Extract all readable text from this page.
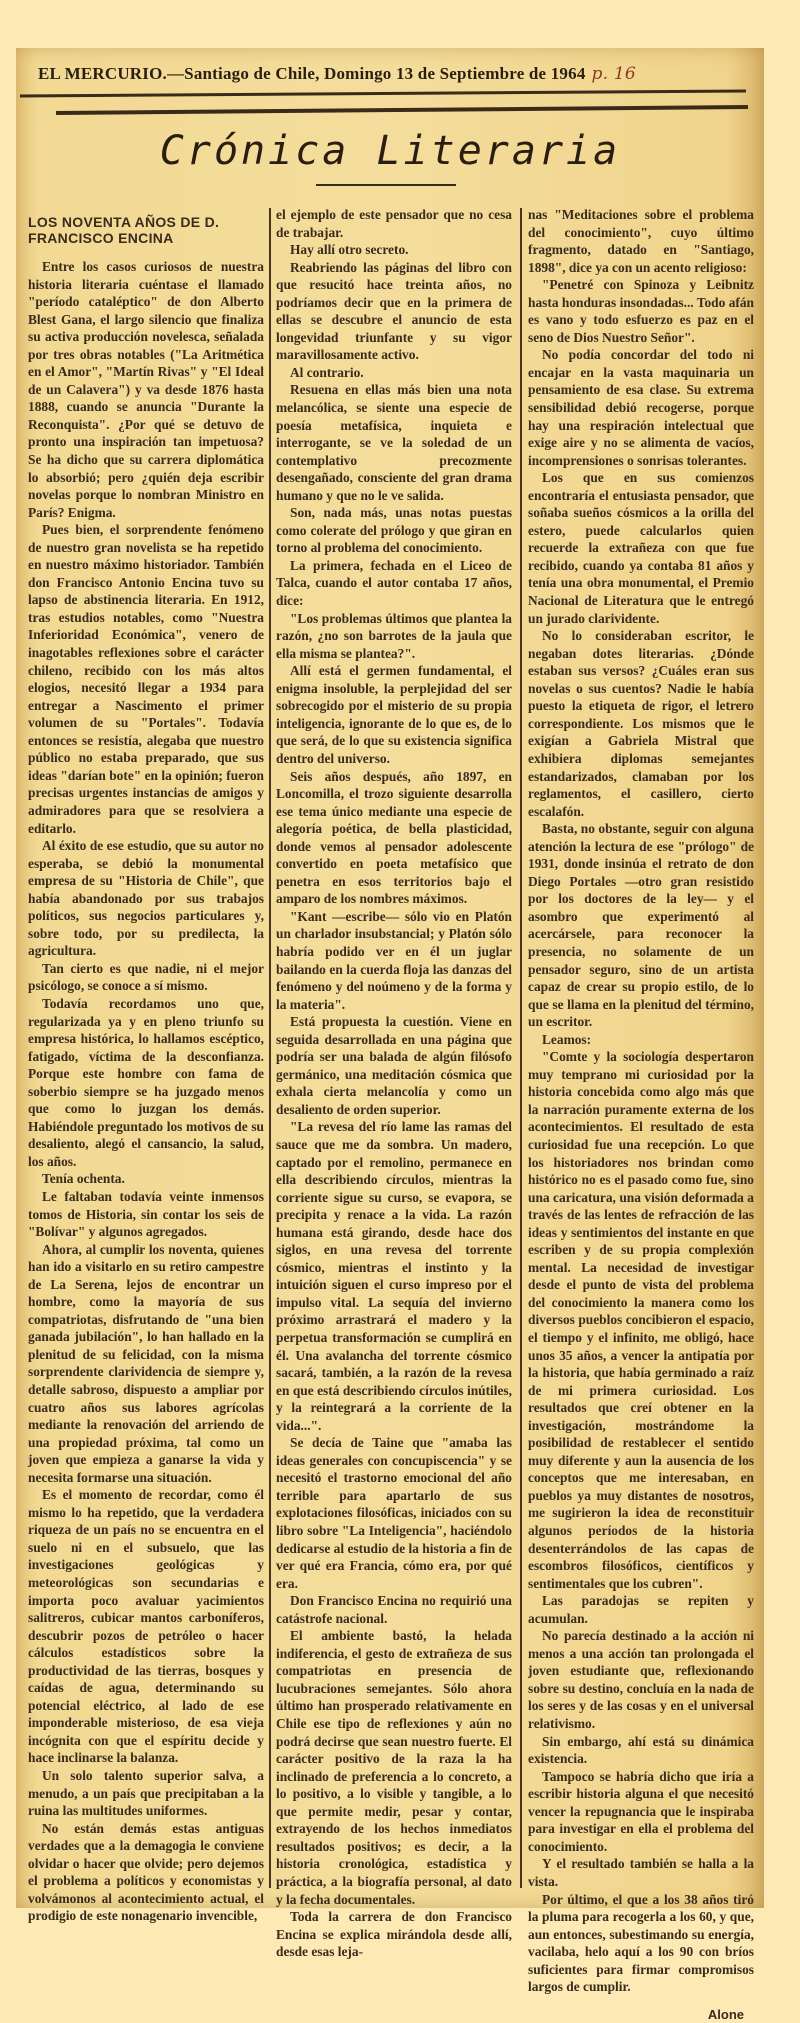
EL MERCURIO.—Santiago de Chile, Domingo 13 de Septiembre de 1964 p. 16
Crónica Literaria
LOS NOVENTA AÑOS DE D. FRANCISCO ENCINA

Entre los casos curiosos de nuestra historia literaria cuéntase el llamado "período cataléptico" de don Alberto Blest Gana, el largo silencio que finaliza su activa producción novelesca, señalada por tres obras notables ("La Aritmética en el Amor", "Martín Rivas" y "El Ideal de un Calavera") y va desde 1876 hasta 1888, cuando se anuncia "Durante la Reconquista". ¿Por qué se detuvo de pronto una inspiración tan impetuosa? Se ha dicho que su carrera diplomática lo absorbió; pero ¿quién deja escribir novelas porque lo nombran Ministro en París? Enigma.

Pues bien, el sorprendente fenómeno de nuestro gran novelista se ha repetido en nuestro máximo historiador. También don Francisco Antonio Encina tuvo su lapso de abstinencia literaria. En 1912, tras estudios notables, como "Nuestra Inferioridad Económica", venero de inagotables reflexiones sobre el carácter chileno, recibido con los más altos elogios, necesitó llegar a 1934 para entregar a Nascimento el primer volumen de su "Portales". Todavía entonces se resistía, alegaba que nuestro público no estaba preparado, que sus ideas "darían bote" en la opinión; fueron precisas urgentes instancias de amigos y admiradores para que se resolviera a editarlo.

Al éxito de ese estudio, que su autor no esperaba, se debió la monumental empresa de su "Historia de Chile", que había abandonado por sus trabajos políticos, sus negocios particulares y, sobre todo, por su predilecta, la agricultura.

Tan cierto es que nadie, ni el mejor psicólogo, se conoce a sí mismo.

Todavía recordamos uno que, regularizada ya y en pleno triunfo su empresa histórica, lo hallamos escéptico, fatigado, víctima de la desconfianza. Porque este hombre con fama de soberbio siempre se ha juzgado menos que como lo juzgan los demás. Habiéndole preguntado los motivos de su desaliento, alegó el cansancio, la salud, los años.

Tenía ochenta.

Le faltaban todavía veinte inmensos tomos de Historia, sin contar los seis de "Bolívar" y algunos agregados.

Ahora, al cumplir los noventa, quienes han ido a visitarlo en su retiro campestre de La Serena, lejos de encontrar un hombre, como la mayoría de sus compatriotas, disfrutando de "una bien ganada jubilación", lo han hallado en la plenitud de su felicidad, con la misma sorprendente clarividencia de siempre y, detalle sabroso, dispuesto a ampliar por cuatro años sus labores agrícolas mediante la renovación del arriendo de una propiedad próxima, tal como un joven que empieza a ganarse la vida y necesita formarse una situación.

Es el momento de recordar, como él mismo lo ha repetido, que la verdadera riqueza de un país no se encuentra en el suelo ni en el subsuelo, que las investigaciones geológicas y meteorológicas son secundarias e importa poco avaluar yacimientos salitreros, cubicar mantos carboníferos, descubrir pozos de petróleo o hacer cálculos estadísticos sobre la productividad de las tierras, bosques y caídas de agua, determinando su potencial eléctrico, al lado de ese imponderable misterioso, de esa vieja incógnita con que el espíritu decide y hace inclinarse la balanza.

Un solo talento superior salva, a menudo, a un país que precipitaban a la ruina las multitudes uniformes.

No están demás estas antiguas verdades que a la demagogia le conviene olvidar o hacer que olvide; pero dejemos el problema a políticos y economistas y volvámonos al acontecimiento actual, el prodigio de este nonagenario invencible,

el ejemplo de este pensador que no cesa de trabajar.

Hay allí otro secreto.

Reabriendo las páginas del libro con que resucitó hace treinta años, no podríamos decir que en la primera de ellas se descubre el anuncio de esta longevidad triunfante y su vigor maravillosamente activo.

Al contrario.

Resuena en ellas más bien una nota melancólica, se siente una especie de poesía metafísica, inquieta e interrogante, se ve la soledad de un contemplativo precozmente desengañado, consciente del gran drama humano y que no le ve salida.

Son, nada más, unas notas puestas como colerate del prólogo y que giran en torno al problema del conocimiento.

La primera, fechada en el Liceo de Talca, cuando el autor contaba 17 años, dice:

"Los problemas últimos que plantea la razón, ¿no son barrotes de la jaula que ella misma se plantea?".

Allí está el germen fundamental, el enigma insoluble, la perplejidad del ser sobrecogido por el misterio de su propia inteligencia, ignorante de lo que es, de lo que será, de lo que su existencia significa dentro del universo.

Seis años después, año 1897, en Loncomilla, el trozo siguiente desarrolla ese tema único mediante una especie de alegoría poética, de bella plasticidad, donde vemos al pensador adolescente convertido en poeta metafísico que penetra en esos territorios bajo el amparo de los nombres máximos.

"Kant —escribe— sólo vio en Platón un charlador insubstancial; y Platón sólo habría podido ver en él un juglar bailando en la cuerda floja las danzas del fenómeno y del noúmeno y de la forma y la materia".

Está propuesta la cuestión. Viene en seguida desarrollada en una página que podría ser una balada de algún filósofo germánico, una meditación cósmica que exhala cierta melancolía y como un desaliento de orden superior.

"La revesa del río lame las ramas del sauce que me da sombra. Un madero, captado por el remolino, permanece en ella describiendo círculos, mientras la corriente sigue su curso, se evapora, se precipita y renace a la vida. La razón humana está girando, desde hace dos siglos, en una revesa del torrente cósmico, mientras el instinto y la intuición siguen el curso impreso por el impulso vital. La sequía del invierno próximo arrastrará el madero y la perpetua transformación se cumplirá en él. Una avalancha del torrente cósmico sacará, también, a la razón de la revesa en que está describiendo círculos inútiles, y la reintegrará a la corriente de la vida...".

Se decía de Taine que "amaba las ideas generales con concupiscencia" y se necesitó el trastorno emocional del año terrible para apartarlo de sus explotaciones filosóficas, iniciados con su libro sobre "La Inteligencia", haciéndolo dedicarse al estudio de la historia a fin de ver qué era Francia, cómo era, por qué era.

Don Francisco Encina no requirió una catástrofe nacional.

El ambiente bastó, la helada indiferencia, el gesto de extrañeza de sus compatriotas en presencia de lucubraciones semejantes. Sólo ahora último han prosperado relativamente en Chile ese tipo de reflexiones y aún no podrá decirse que sean nuestro fuerte. El carácter positivo de la raza la ha inclinado de preferencia a lo concreto, a lo positivo, a lo visible y tangible, a lo que permite medir, pesar y contar, extrayendo de los hechos inmediatos resultados positivos; es decir, a la historia cronológica, estadística y práctica, a la biografía personal, al dato y la fecha documentales.

Toda la carrera de don Francisco Encina se explica mirándola desde allí, desde esas leja-

nas "Meditaciones sobre el problema del conocimiento", cuyo último fragmento, datado en "Santiago, 1898", dice ya con un acento religioso:

"Penetré con Spinoza y Leibnitz hasta honduras insondadas... Todo afán es vano y todo esfuerzo es paz en el seno de Dios Nuestro Señor".

No podía concordar del todo ni encajar en la vasta maquinaria un pensamiento de esa clase. Su extrema sensibilidad debió recogerse, porque hay una respiración intelectual que exige aire y no se alimenta de vacíos, incomprensiones o sonrisas tolerantes.

Los que en sus comienzos encontraría el entusiasta pensador, que soñaba sueños cósmicos a la orilla del estero, puede calcularlos quien recuerde la extrañeza con que fue recibido, cuando ya contaba 81 años y tenía una obra monumental, el Premio Nacional de Literatura que le entregó un jurado clarividente.

No lo consideraban escritor, le negaban dotes literarias. ¿Dónde estaban sus versos? ¿Cuáles eran sus novelas o sus cuentos? Nadie le había puesto la etiqueta de rigor, el letrero correspondiente. Los mismos que le exigían a Gabriela Mistral que exhibiera diplomas semejantes estandarizados, clamaban por los reglamentos, el casillero, cierto escalafón.

Basta, no obstante, seguir con alguna atención la lectura de ese "prólogo" de 1931, donde insinúa el retrato de don Diego Portales —otro gran resistido por los doctores de la ley— y el asombro que experimentó al acercársele, para reconocer la presencia, no solamente de un pensador seguro, sino de un artista capaz de crear su propio estilo, de lo que se llama en la plenitud del término, un escritor.

Leamos:

"Comte y la sociología despertaron muy temprano mi curiosidad por la historia concebida como algo más que la narración puramente externa de los acontecimientos. El resultado de esta curiosidad fue una recepción. Lo que los historiadores nos brindan como histórico no es el pasado como fue, sino una caricatura, una visión deformada a través de las lentes de refracción de las ideas y sentimientos del instante en que escriben y de su propia complexión mental. La necesidad de investigar desde el punto de vista del problema del conocimiento la manera como los diversos pueblos concibieron el espacio, el tiempo y el infinito, me obligó, hace unos 35 años, a vencer la antipatía por la historia, que había germinado a raíz de mi primera curiosidad. Los resultados que creí obtener en la investigación, mostrándome la posibilidad de restablecer el sentido muy diferente y aun la ausencia de los conceptos que me interesaban, en pueblos ya muy distantes de nosotros, me sugirieron la idea de reconstituir algunos períodos de la historia desenterrándolos de las capas de escombros filosóficos, científicos y sentimentales que los cubren".

Las paradojas se repiten y acumulan.

No parecía destinado a la acción ni menos a una acción tan prolongada el joven estudiante que, reflexionando sobre su destino, concluía en la nada de los seres y de las cosas y en el universal relativismo.

Sin embargo, ahí está su dinámica existencia.

Tampoco se habría dicho que iría a escribir historia alguna el que necesitó vencer la repugnancia que le inspiraba para investigar en ella el problema del conocimiento.

Y el resultado también se halla a la vista.

Por último, el que a los 38 años tiró la pluma para recogerla a los 60, y que, aun entonces, subestimando su energía, vacilaba, helo aquí a los 90 con bríos suficientes para firmar compromisos largos de cumplir.

Alone
